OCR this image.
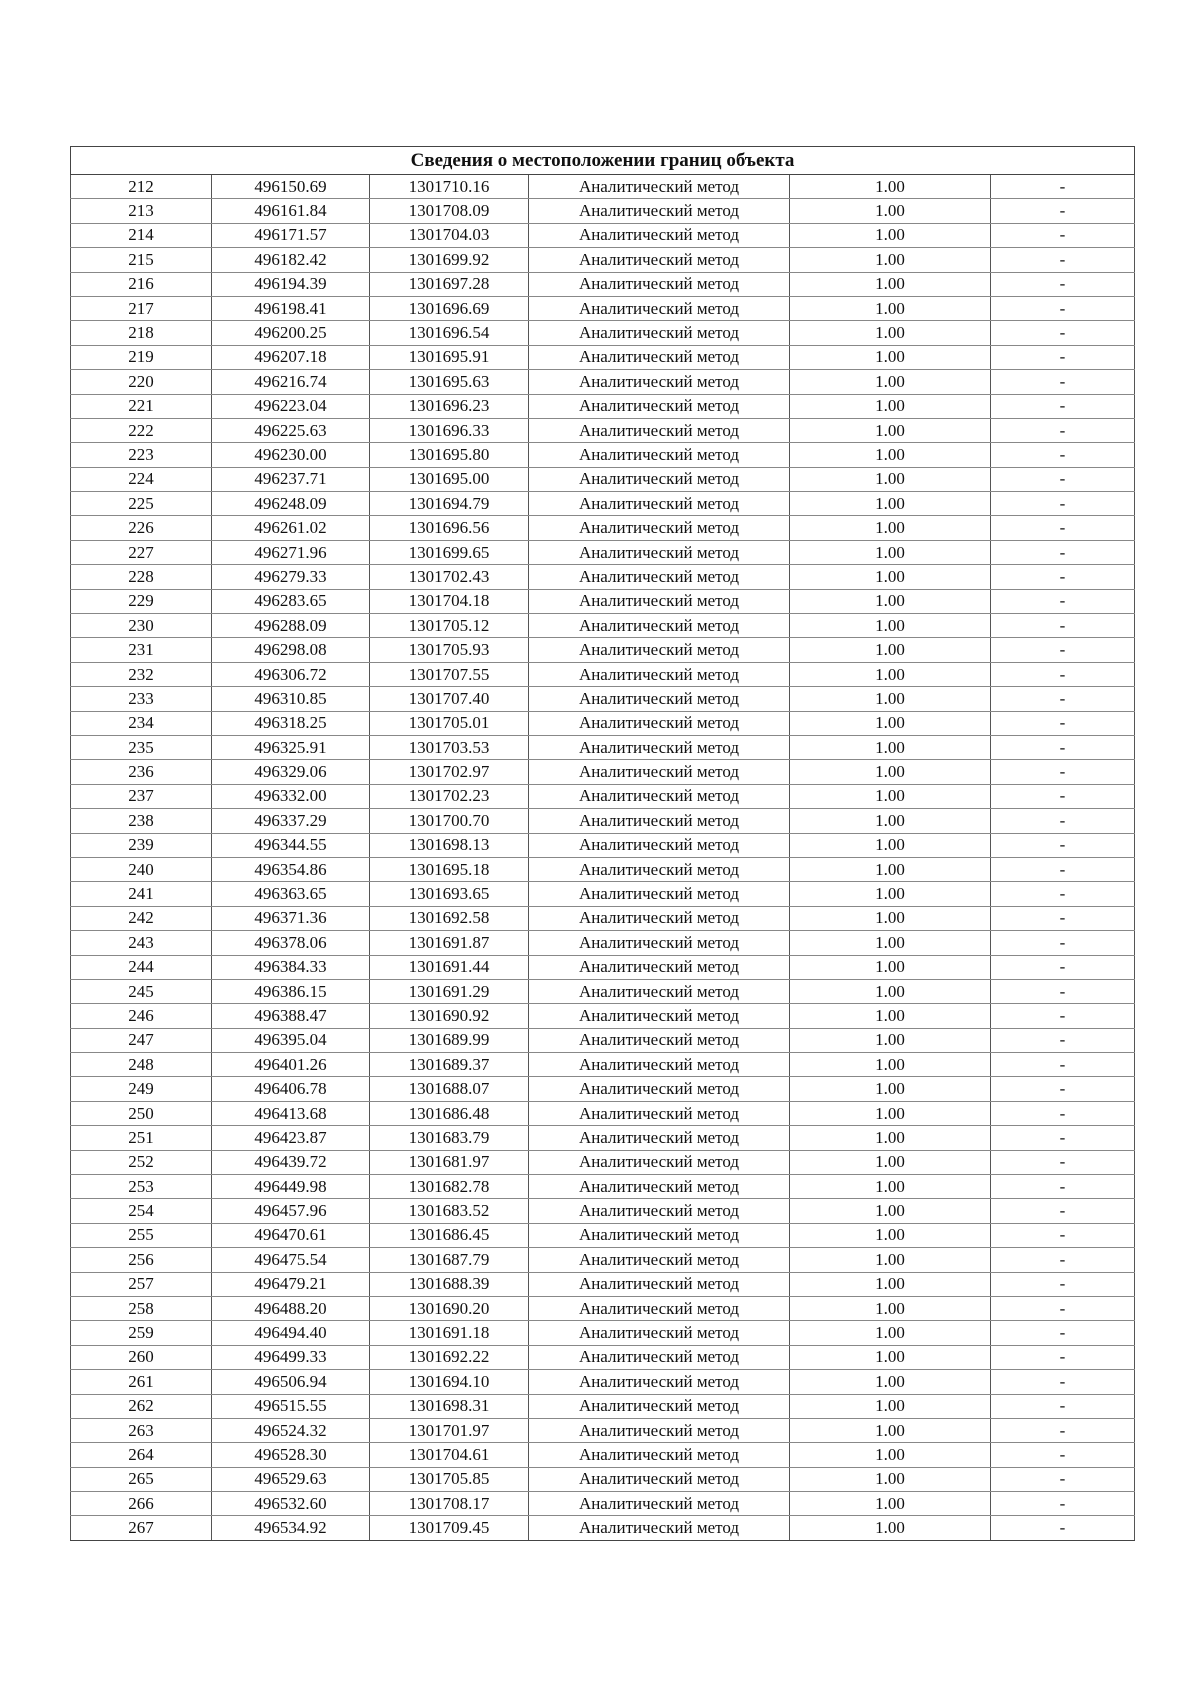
Сведения о местоположении границ объекта					
212	496150.69	1301710.16	Аналитический метод	1.00	-
213	496161.84	1301708.09	Аналитический метод	1.00	-
214	496171.57	1301704.03	Аналитический метод	1.00	-
215	496182.42	1301699.92	Аналитический метод	1.00	-
216	496194.39	1301697.28	Аналитический метод	1.00	-
217	496198.41	1301696.69	Аналитический метод	1.00	-
218	496200.25	1301696.54	Аналитический метод	1.00	-
219	496207.18	1301695.91	Аналитический метод	1.00	-
220	496216.74	1301695.63	Аналитический метод	1.00	-
221	496223.04	1301696.23	Аналитический метод	1.00	-
222	496225.63	1301696.33	Аналитический метод	1.00	-
223	496230.00	1301695.80	Аналитический метод	1.00	-
224	496237.71	1301695.00	Аналитический метод	1.00	-
225	496248.09	1301694.79	Аналитический метод	1.00	-
226	496261.02	1301696.56	Аналитический метод	1.00	-
227	496271.96	1301699.65	Аналитический метод	1.00	-
228	496279.33	1301702.43	Аналитический метод	1.00	-
229	496283.65	1301704.18	Аналитический метод	1.00	-
230	496288.09	1301705.12	Аналитический метод	1.00	-
231	496298.08	1301705.93	Аналитический метод	1.00	-
232	496306.72	1301707.55	Аналитический метод	1.00	-
233	496310.85	1301707.40	Аналитический метод	1.00	-
234	496318.25	1301705.01	Аналитический метод	1.00	-
235	496325.91	1301703.53	Аналитический метод	1.00	-
236	496329.06	1301702.97	Аналитический метод	1.00	-
237	496332.00	1301702.23	Аналитический метод	1.00	-
238	496337.29	1301700.70	Аналитический метод	1.00	-
239	496344.55	1301698.13	Аналитический метод	1.00	-
240	496354.86	1301695.18	Аналитический метод	1.00	-
241	496363.65	1301693.65	Аналитический метод	1.00	-
242	496371.36	1301692.58	Аналитический метод	1.00	-
243	496378.06	1301691.87	Аналитический метод	1.00	-
244	496384.33	1301691.44	Аналитический метод	1.00	-
245	496386.15	1301691.29	Аналитический метод	1.00	-
246	496388.47	1301690.92	Аналитический метод	1.00	-
247	496395.04	1301689.99	Аналитический метод	1.00	-
248	496401.26	1301689.37	Аналитический метод	1.00	-
249	496406.78	1301688.07	Аналитический метод	1.00	-
250	496413.68	1301686.48	Аналитический метод	1.00	-
251	496423.87	1301683.79	Аналитический метод	1.00	-
252	496439.72	1301681.97	Аналитический метод	1.00	-
253	496449.98	1301682.78	Аналитический метод	1.00	-
254	496457.96	1301683.52	Аналитический метод	1.00	-
255	496470.61	1301686.45	Аналитический метод	1.00	-
256	496475.54	1301687.79	Аналитический метод	1.00	-
257	496479.21	1301688.39	Аналитический метод	1.00	-
258	496488.20	1301690.20	Аналитический метод	1.00	-
259	496494.40	1301691.18	Аналитический метод	1.00	-
260	496499.33	1301692.22	Аналитический метод	1.00	-
261	496506.94	1301694.10	Аналитический метод	1.00	-
262	496515.55	1301698.31	Аналитический метод	1.00	-
263	496524.32	1301701.97	Аналитический метод	1.00	-
264	496528.30	1301704.61	Аналитический метод	1.00	-
265	496529.63	1301705.85	Аналитический метод	1.00	-
266	496532.60	1301708.17	Аналитический метод	1.00	-
267	496534.92	1301709.45	Аналитический метод	1.00	-
